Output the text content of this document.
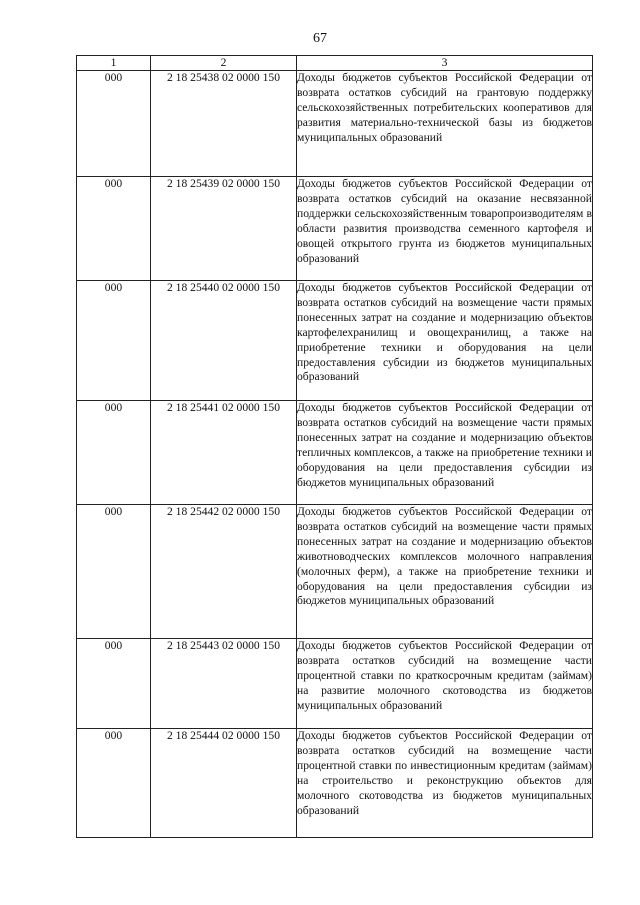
67
1	2	3
000	2 18 25438 02 0000 150	Доходы бюджетов субъектов Российской Федерации от возврата остатков субсидий на грантовую поддержку сельскохозяйственных потребительских кооперативов для развития материально-технической базы из бюджетов муниципальных образований
000	2 18 25439 02 0000 150	Доходы бюджетов субъектов Российской Федерации от возврата остатков субсидий на оказание несвязанной поддержки сельскохозяйственным товаропроизводителям в области развития производства семенного картофеля и овощей открытого грунта из бюджетов муниципальных образований
000	2 18 25440 02 0000 150	Доходы бюджетов субъектов Российской Федерации от возврата остатков субсидий на возмещение части прямых понесенных затрат на создание и модернизацию объектов картофелехранилищ и овощехранилищ, а также на приобретение техники и оборудования на цели предоставления субсидии из бюджетов муниципальных образований
000	2 18 25441 02 0000 150	Доходы бюджетов субъектов Российской Федерации от возврата остатков субсидий на возмещение части прямых понесенных затрат на создание и модернизацию объектов тепличных комплексов, а также на приобретение техники и оборудования на цели предоставления субсидии из бюджетов муниципальных образований
000	2 18 25442 02 0000 150	Доходы бюджетов субъектов Российской Федерации от возврата остатков субсидий на возмещение части прямых понесенных затрат на создание и модернизацию объектов животноводческих комплексов молочного направления (молочных ферм), а также на приобретение техники и оборудования на цели предоставления субсидии из бюджетов муниципальных образований
000	2 18 25443 02 0000 150	Доходы бюджетов субъектов Российской Федерации от возврата остатков субсидий на возмещение части процентной ставки по краткосрочным кредитам (займам) на развитие молочного скотоводства из бюджетов муниципальных образований
000	2 18 25444 02 0000 150	Доходы бюджетов субъектов Российской Федерации от возврата остатков субсидий на возмещение части процентной ставки по инвестиционным кредитам (займам) на строительство и реконструкцию объектов для молочного скотоводства из бюджетов муниципальных образований
